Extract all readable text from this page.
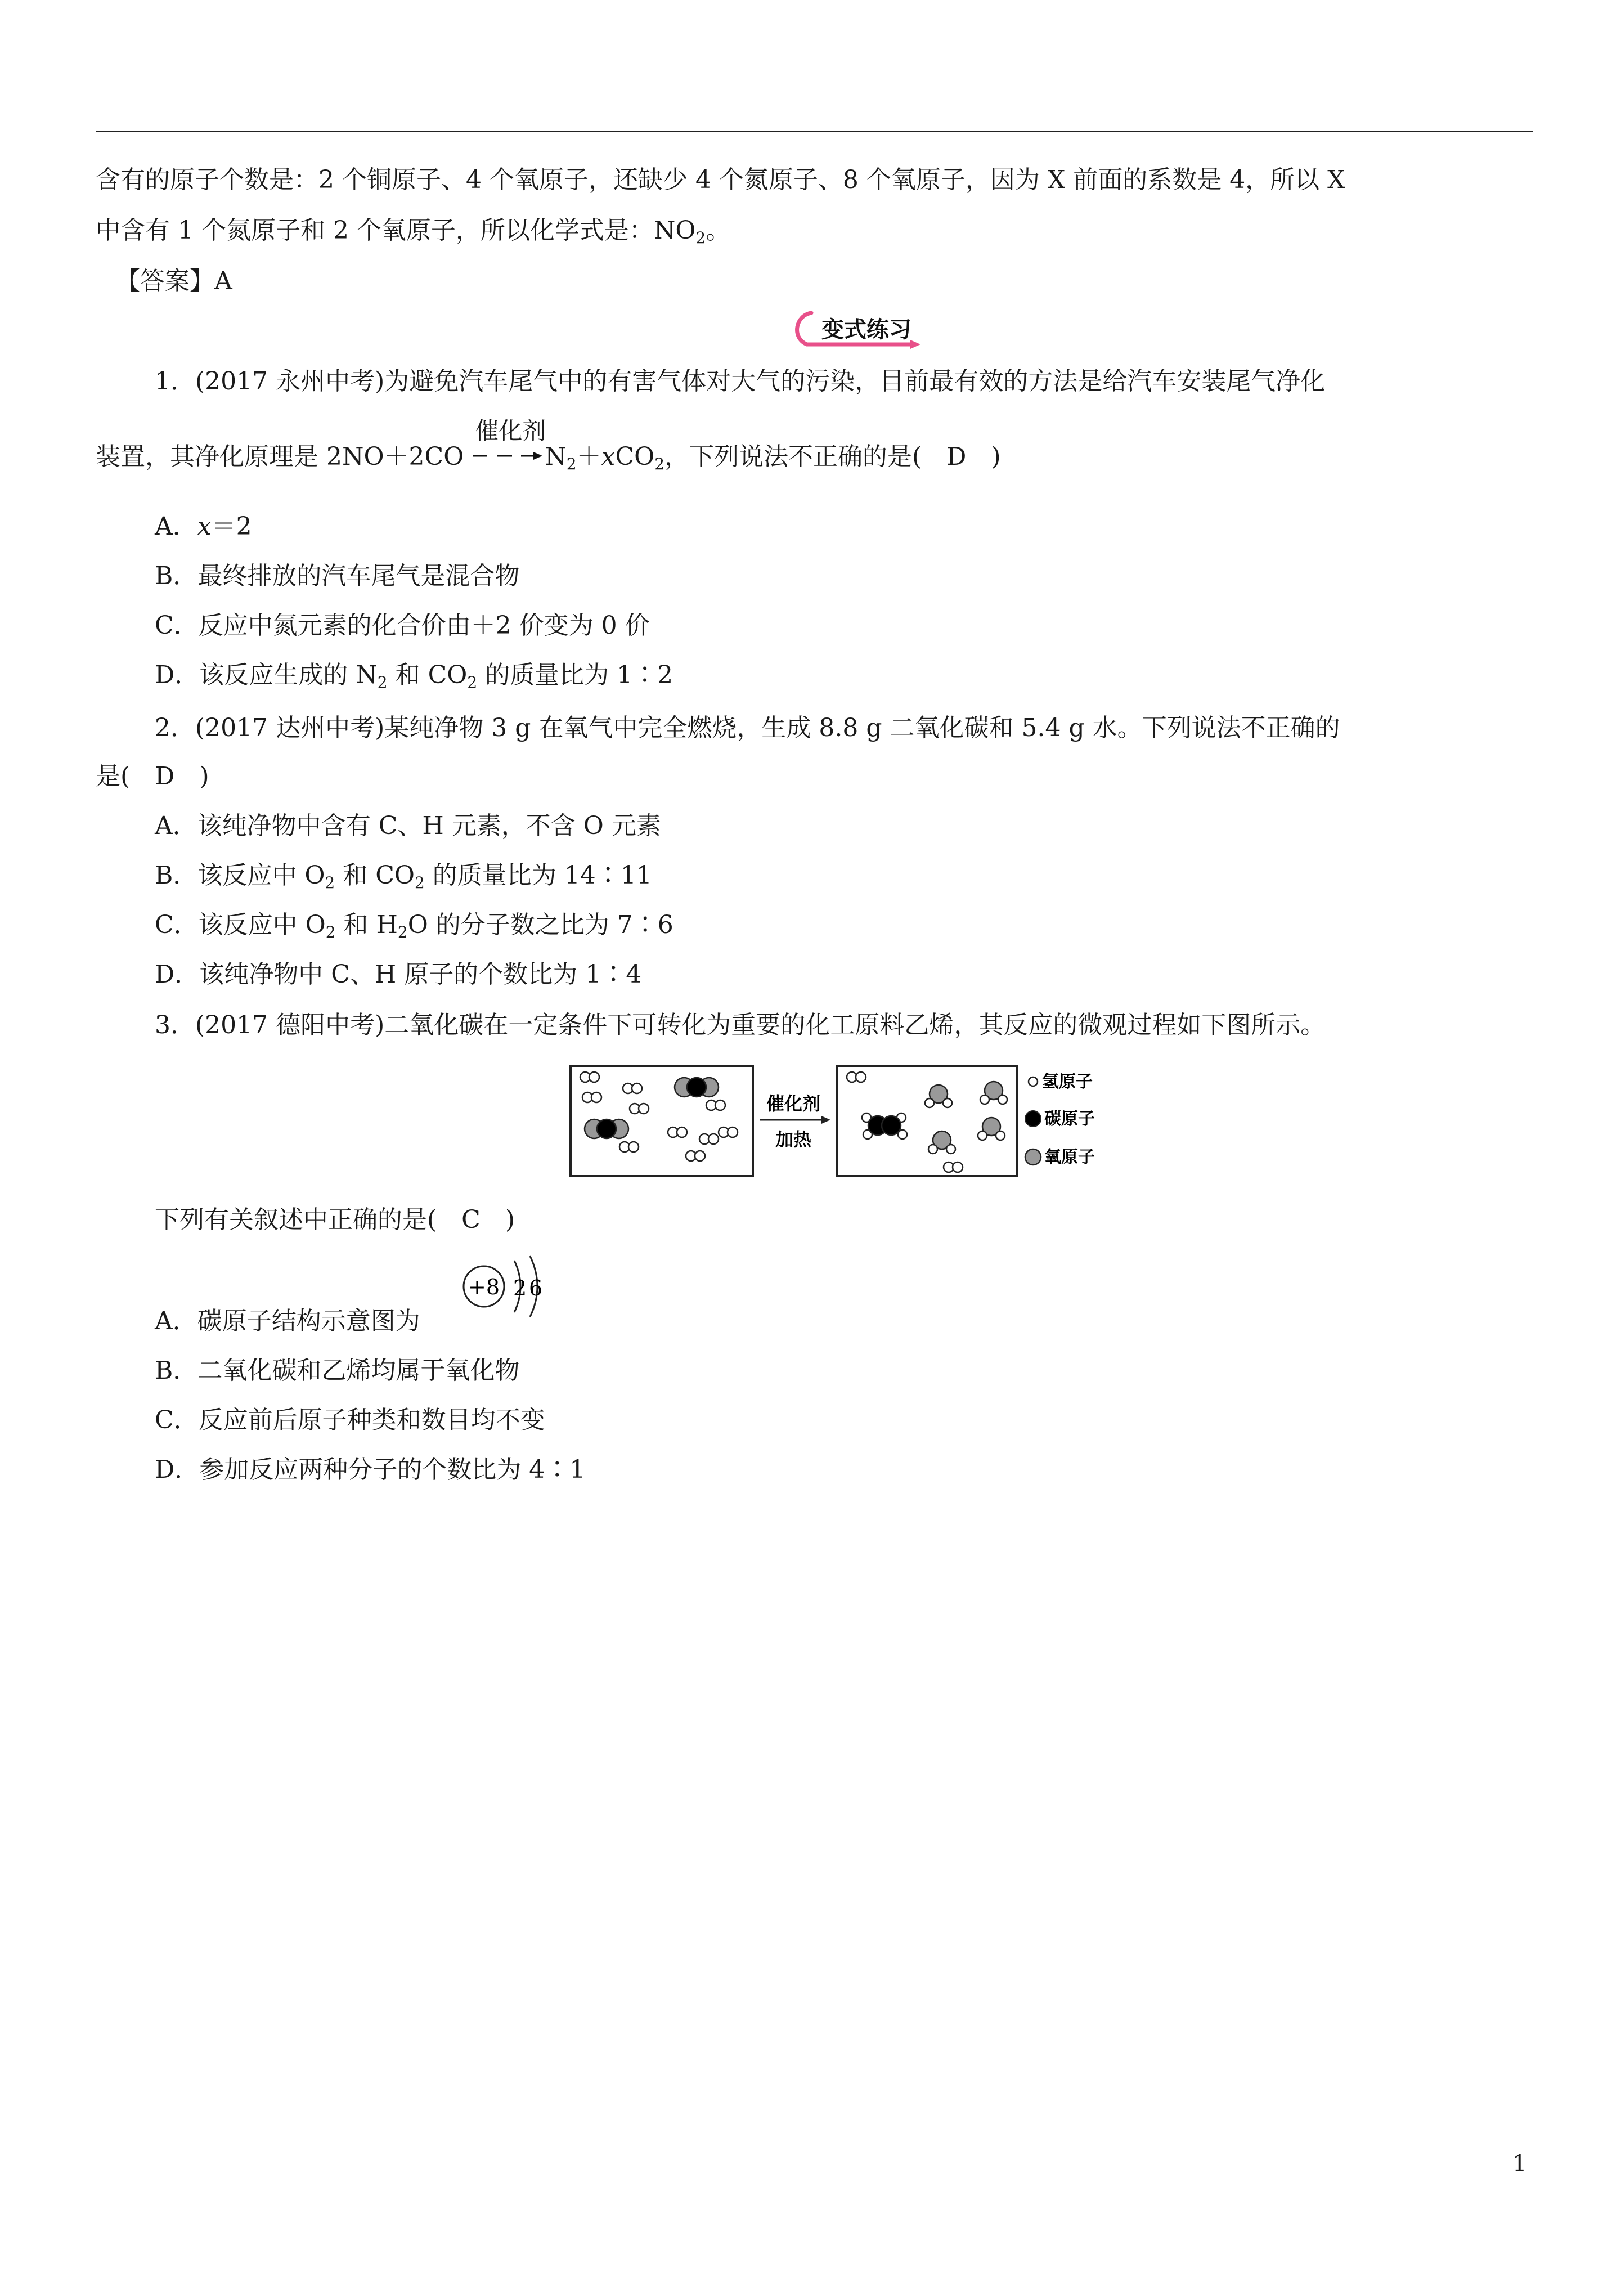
含有的原子个数是：2 个铜原子、4 个氧原子，还缺少 4 个氮原子、8 个氧原子，因为 X 前面的系数是 4，所以 X
中含有 1 个氮原子和 2 个氧原子，所以化学式是：$NO_2$。
【答案】A
变式练习
1．(2017 永州中考)为避免汽车尾气中的有害气体对大气的污染，目前最有效的方法是给汽车安装尾气净化
装置，其净化原理是 2NO＋2CO
催化剂
$N_2+xCO_2$，下列说法不正确的是(　D　)
A．x＝2
B．最终排放的汽车尾气是混合物
C．反应中氮元素的化合价由＋2 价变为 0 价
D．该反应生成的 $N_2$ 和 $CO_2$ 的质量比为 1∶2
2．(2017 达州中考)某纯净物 3 g 在氧气中完全燃烧，生成 8.8 g 二氧化碳和 5.4 g 水。下列说法不正确的
是(　D　)
A．该纯净物中含有 C、H 元素，不含 O 元素
B．该反应中 $O_2$ 和 $CO_2$ 的质量比为 14∶11
C．该反应中 $O_2$ 和 $H_2O$ 的分子数之比为 7∶6
D．该纯净物中 C、H 原子的个数比为 1∶4
3．(2017 德阳中考)二氧化碳在一定条件下可转化为重要的化工原料乙烯，其反应的微观过程如下图所示。
催化剂
加热
氢原子
碳原子
氧原子
下列有关叙述中正确的是(　C　)
+8 2 6
A．碳原子结构示意图为
B．二氧化碳和乙烯均属于氧化物
C．反应前后原子种类和数目均不变
D．参加反应两种分子的个数比为 4∶1
1
